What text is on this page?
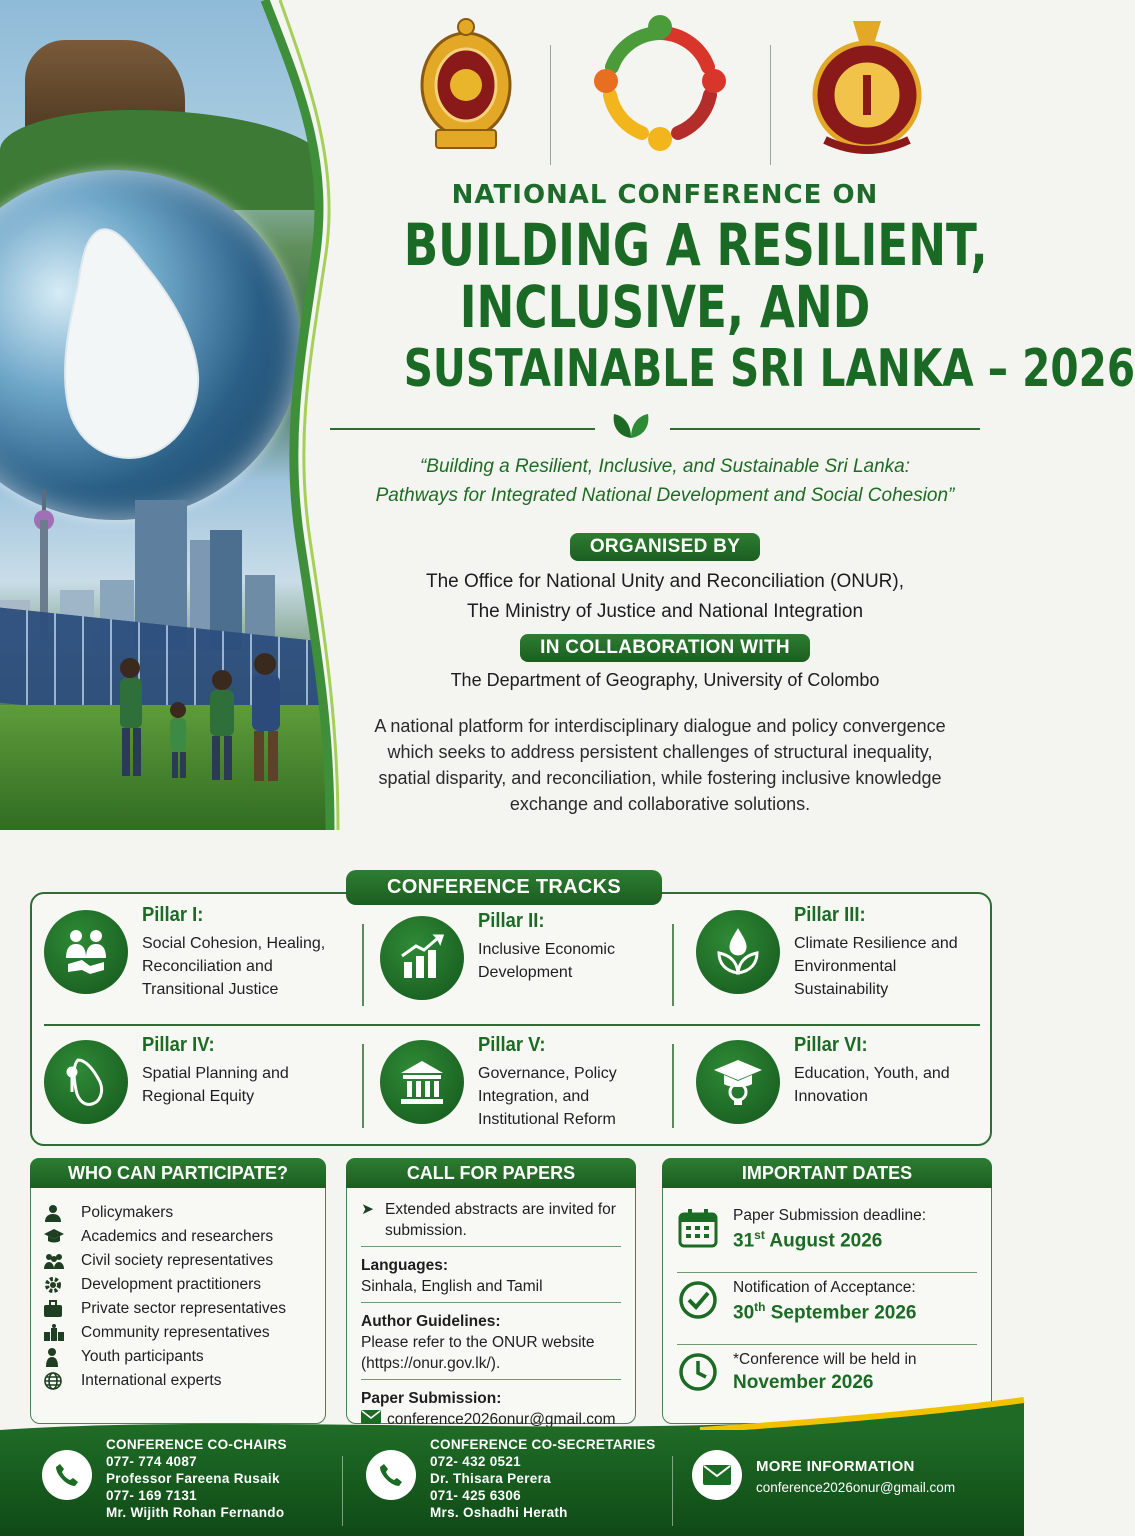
NATIONAL CONFERENCE ON
BUILDING A RESILIENT,
INCLUSIVE, AND
SUSTAINABLE SRI LANKA – 2026
“Building a Resilient, Inclusive, and Sustainable Sri Lanka:
Pathways for Integrated National Development and Social Cohesion”
ORGANISED BY
The Office for National Unity and Reconciliation (ONUR),
The Ministry of Justice and National Integration
IN COLLABORATION WITH
The Department of Geography, University of Colombo
A national platform for interdisciplinary dialogue and policy convergence which seeks to address persistent challenges of structural inequality, spatial disparity, and reconciliation, while fostering inclusive knowledge exchange and collaborative solutions.
CONFERENCE TRACKS
Pillar I:
Social Cohesion, Healing, Reconciliation and Transitional Justice
Pillar II:
Inclusive Economic Development
Pillar III:
Climate Resilience and Environmental Sustainability
Pillar IV:
Spatial Planning and Regional Equity
Pillar V:
Governance, Policy Integration, and Institutional Reform
Pillar VI:
Education, Youth, and Innovation
WHO CAN PARTICIPATE?
Policymakers
Academics and researchers
Civil society representatives
Development practitioners
Private sector representatives
Community representatives
Youth participants
International experts
CALL FOR PAPERS
➤ Extended abstracts are invited for submission.
Languages:
Sinhala, English and Tamil
Author Guidelines:
Please refer to the ONUR website (https://onur.gov.lk/).
Paper Submission:
conference2026onur@gmail.com
IMPORTANT DATES
Paper Submission deadline:
31st August 2026
Notification of Acceptance:
30th September 2026
*Conference will be held in
November 2026
CONFERENCE CO-CHAIRS
077- 774 4087
Professor Fareena Rusaik
077- 169 7131
Mr. Wijith Rohan Fernando
CONFERENCE CO-SECRETARIES
072- 432 0521
Dr. Thisara Perera
071- 425 6306
Mrs. Oshadhi Herath
MORE INFORMATION
conference2026onur@gmail.com
